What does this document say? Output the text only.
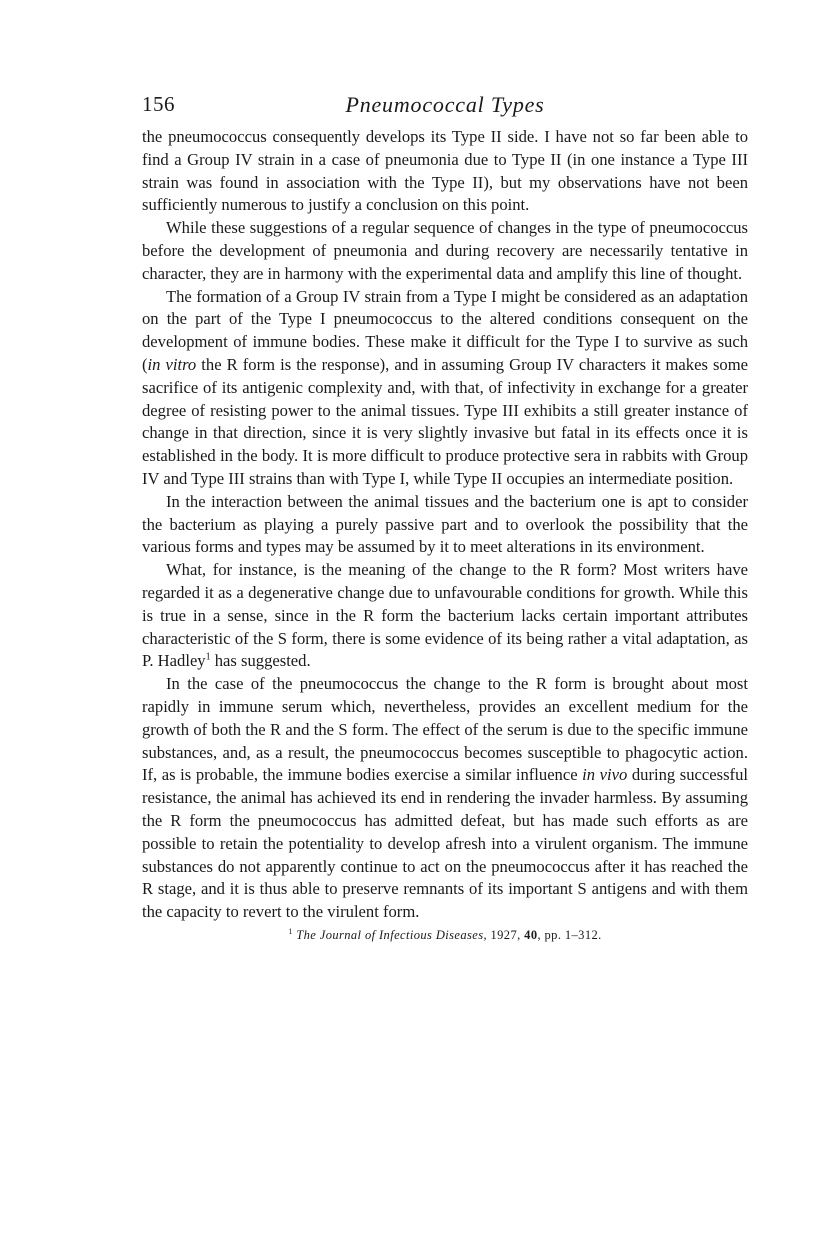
156	Pneumococcal Types

the pneumococcus consequently develops its Type II side. I have not so far been able to find a Group IV strain in a case of pneumonia due to Type II (in one instance a Type III strain was found in association with the Type II), but my observations have not been sufficiently numerous to justify a conclusion on this point.

While these suggestions of a regular sequence of changes in the type of pneumococcus before the development of pneumonia and during recovery are necessarily tentative in character, they are in harmony with the experimental data and amplify this line of thought.

The formation of a Group IV strain from a Type I might be considered as an adaptation on the part of the Type I pneumococcus to the altered conditions consequent on the development of immune bodies. These make it difficult for the Type I to survive as such (in vitro the R form is the response), and in assuming Group IV characters it makes some sacrifice of its antigenic complexity and, with that, of infectivity in exchange for a greater degree of resisting power to the animal tissues. Type III exhibits a still greater instance of change in that direction, since it is very slightly invasive but fatal in its effects once it is established in the body. It is more difficult to produce protective sera in rabbits with Group IV and Type III strains than with Type I, while Type II occupies an intermediate position.

In the interaction between the animal tissues and the bacterium one is apt to consider the bacterium as playing a purely passive part and to overlook the possibility that the various forms and types may be assumed by it to meet alterations in its environment.

What, for instance, is the meaning of the change to the R form? Most writers have regarded it as a degenerative change due to unfavourable conditions for growth. While this is true in a sense, since in the R form the bacterium lacks certain important attributes characteristic of the S form, there is some evidence of its being rather a vital adaptation, as P. Hadley$^1$ has suggested.

In the case of the pneumococcus the change to the R form is brought about most rapidly in immune serum which, nevertheless, provides an excellent medium for the growth of both the R and the S form. The effect of the serum is due to the specific immune substances, and, as a result, the pneumococcus becomes susceptible to phagocytic action. If, as is probable, the immune bodies exercise a similar influence in vivo during successful resistance, the animal has achieved its end in rendering the invader harmless. By assuming the R form the pneumococcus has admitted defeat, but has made such efforts as are possible to retain the potentiality to develop afresh into a virulent organism. The immune substances do not apparently continue to act on the pneumococcus after it has reached the R stage, and it is thus able to preserve remnants of its important S antigens and with them the capacity to revert to the virulent form.

$^1$ The Journal of Infectious Diseases, 1927, 40, pp. 1–312.
